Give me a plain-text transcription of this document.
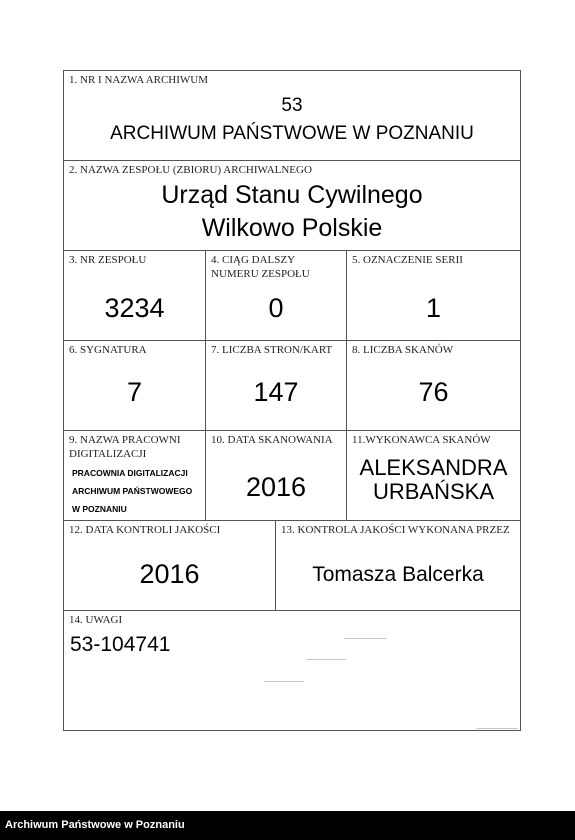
1. NR I NAZWA ARCHIWUM
53
ARCHIWUM PAŃSTWOWE W POZNANIU
2. NAZWA ZESPOŁU (ZBIORU) ARCHIWALNEGO
Urząd Stanu Cywilnego
Wilkowo Polskie
3. NR ZESPOŁU
3234
4. CIĄG DALSZY NUMERU ZESPOŁU
0
5. OZNACZENIE SERII
1
6. SYGNATURA
7
7. LICZBA STRON/KART
147
8. LICZBA SKANÓW
76
9. NAZWA PRACOWNI DIGITALIZACJI
PRACOWNIA DIGITALIZACJI
ARCHIWUM PAŃSTWOWEGO
W POZNANIU
10. DATA SKANOWANIA
2016
11.WYKONAWCA SKANÓW
ALEKSANDRA
URBAŃSKA
12. DATA KONTROLI JAKOŚCI
2016
13. KONTROLA JAKOŚCI WYKONANA PRZEZ
Tomasza Balcerka
14. UWAGI
53-104741
Archiwum Państwowe w Poznaniu
